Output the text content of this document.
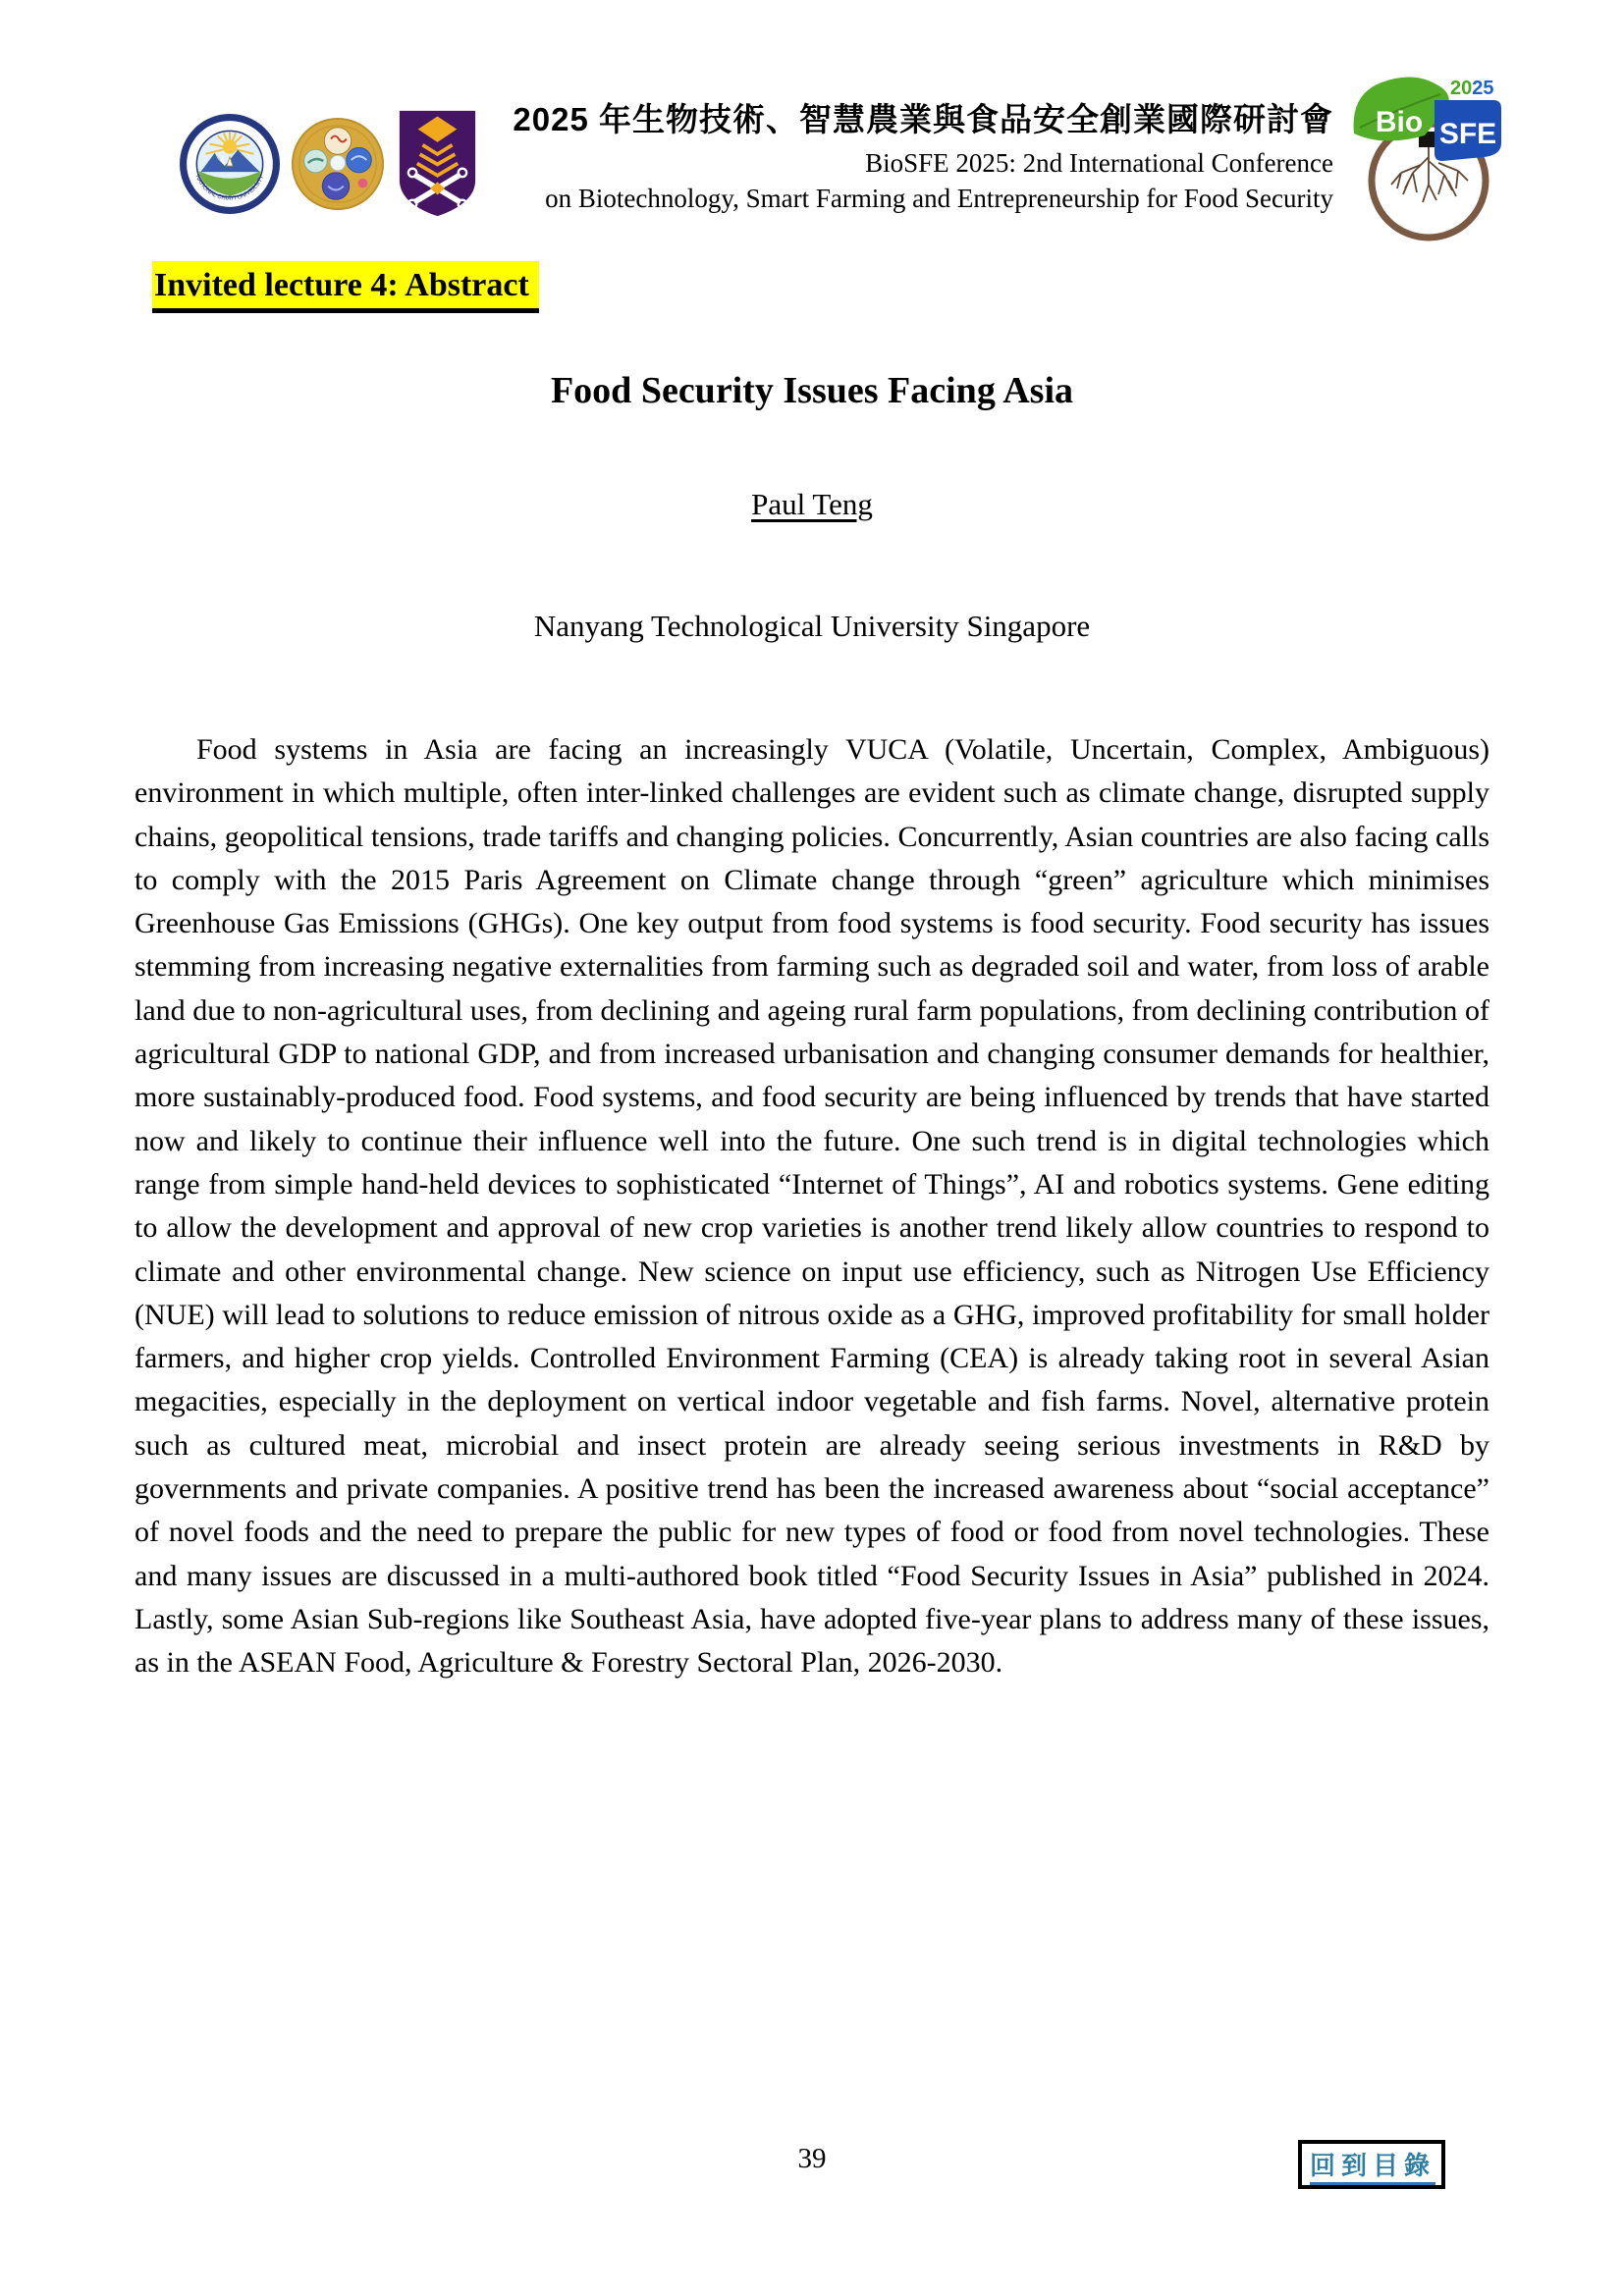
NATIONAL CHIAYI UNIVERSITY
2025 年生物技術、智慧農業與食品安全創業國際研討會
BioSFE 2025: 2nd International Conference
on Biotechnology, Smart Farming and Entrepreneurship for Food Security
Bio SFE
2025
Invited lecture 4: Abstract
Food Security Issues Facing Asia
Paul Teng
Nanyang Technological University Singapore

Food systems in Asia are facing an increasingly VUCA (Volatile, Uncertain, Complex, Ambiguous) environment in which multiple, often inter-linked challenges are evident such as climate change, disrupted supply chains, geopolitical tensions, trade tariffs and changing policies. Concurrently, Asian countries are also facing calls to comply with the 2015 Paris Agreement on Climate change through “green” agriculture which minimises Greenhouse Gas Emissions (GHGs). One key output from food systems is food security. Food security has issues stemming from increasing negative externalities from farming such as degraded soil and water, from loss of arable land due to non-agricultural uses, from declining and ageing rural farm populations, from declining contribution of agricultural GDP to national GDP, and from increased urbanisation and changing consumer demands for healthier, more sustainably-produced food. Food systems, and food security are being influenced by trends that have started now and likely to continue their influence well into the future. One such trend is in digital technologies which range from simple hand-held devices to sophisticated “Internet of Things”, AI and robotics systems. Gene editing to allow the development and approval of new crop varieties is another trend likely allow countries to respond to climate and other environmental change. New science on input use efficiency, such as Nitrogen Use Efficiency (NUE) will lead to solutions to reduce emission of nitrous oxide as a GHG, improved profitability for small holder farmers, and higher crop yields. Controlled Environment Farming (CEA) is already taking root in several Asian megacities, especially in the deployment on vertical indoor vegetable and fish farms. Novel, alternative protein such as cultured meat, microbial and insect protein are already seeing serious investments in R&D by governments and private companies. A positive trend has been the increased awareness about “social acceptance” of novel foods and the need to prepare the public for new types of food or food from novel technologies. These and many issues are discussed in a multi-authored book titled “Food Security Issues in Asia” published in 2024. Lastly, some Asian Sub-regions like Southeast Asia, have adopted five-year plans to address many of these issues, as in the ASEAN Food, Agriculture & Forestry Sectoral Plan, 2026-2030.

39	回到目錄
